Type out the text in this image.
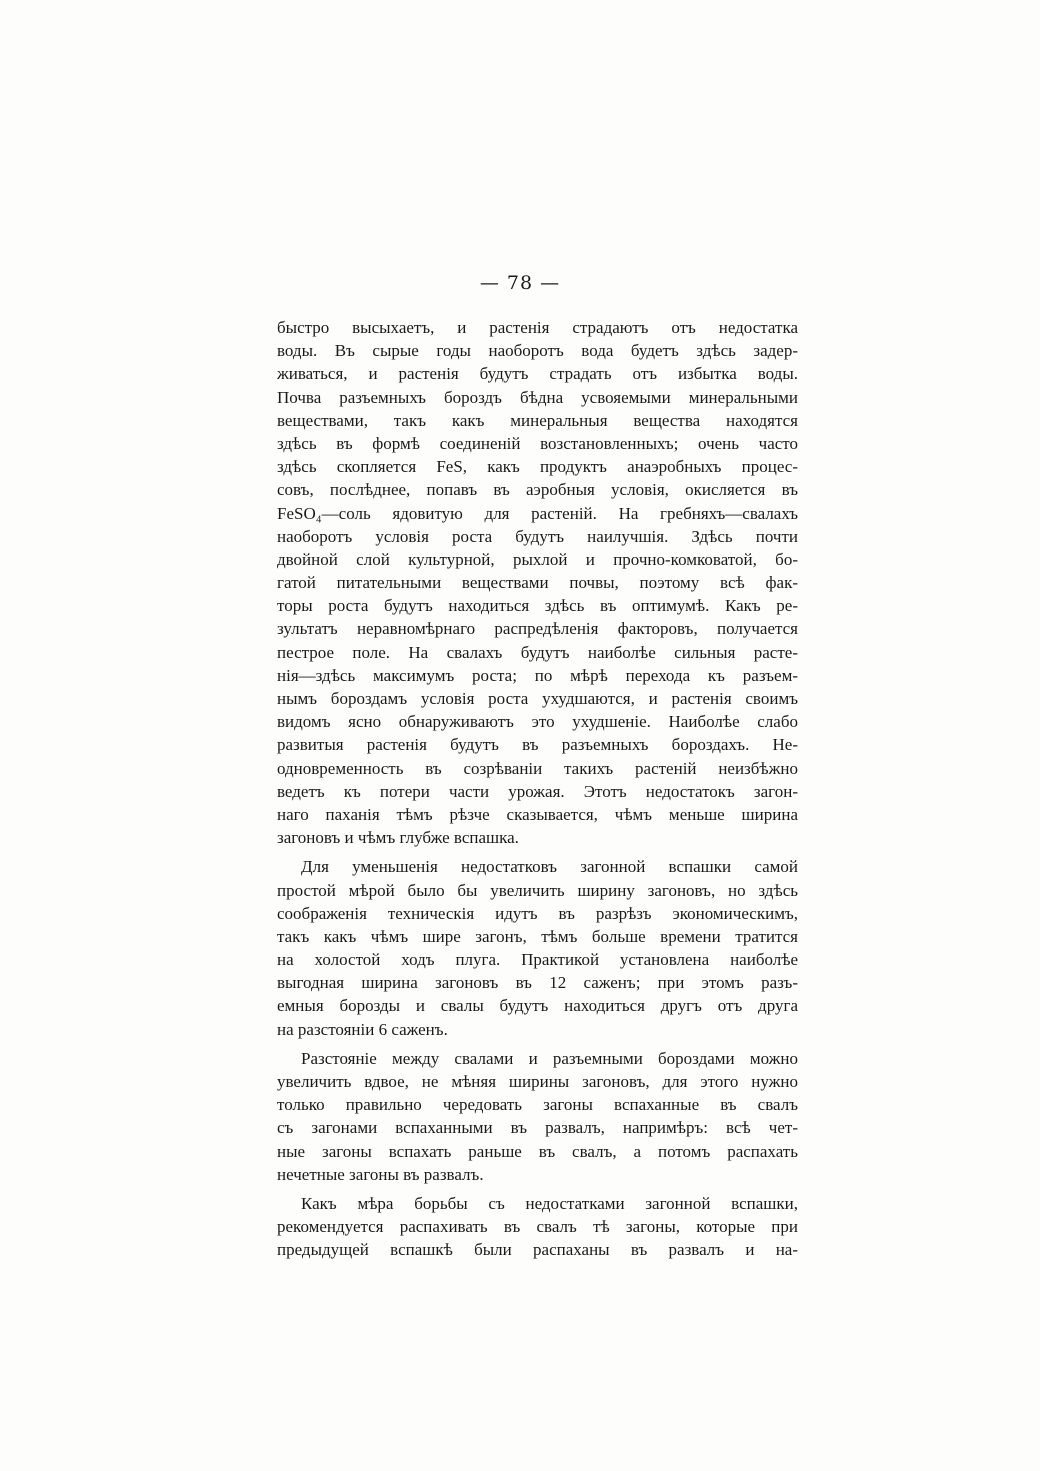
— 78 —
быстро высыхаетъ, и растенія страдаютъ отъ недостатка
воды. Въ сырые годы наоборотъ вода будетъ здѣсь задер-
живаться, и растенія будутъ страдать отъ избытка воды.
Почва разъемныхъ бороздъ бѣдна усвояемыми минеральными
веществами, такъ какъ минеральныя вещества находятся
здѣсь въ формѣ соединеній возстановленныхъ; очень часто
здѣсь скопляется FeS, какъ продуктъ анаэробныхъ процес-
совъ, послѣднее, попавъ въ аэробныя условія, окисляется въ
FeSO₄—соль ядовитую для растеній. На гребняхъ—свалахъ
наоборотъ условія роста будутъ наилучшія. Здѣсь почти
двойной слой культурной, рыхлой и прочно-комковатой, бо-
гатой питательными веществами почвы, поэтому всѣ фак-
торы роста будутъ находиться здѣсь въ оптимумѣ. Какъ ре-
зультатъ неравномѣрнаго распредѣленія факторовъ, получается
пестрое поле. На свалахъ будутъ наиболѣе сильныя расте-
нія—здѣсь максимумъ роста; по мѣрѣ перехода къ разъем-
нымъ бороздамъ условія роста ухудшаются, и растенія своимъ
видомъ ясно обнаруживаютъ это ухудшеніе. Наиболѣе слабо
развитыя растенія будутъ въ разъемныхъ бороздахъ. Не-
одновременность въ созрѣваніи такихъ растеній неизбѣжно
ведетъ къ потери части урожая. Этотъ недостатокъ загон-
наго паханія тѣмъ рѣзче сказывается, чѣмъ меньше ширина
загоновъ и чѣмъ глубже вспашка.
Для уменьшенія недостатковъ загонной вспашки самой
простой мѣрой было бы увеличить ширину загоновъ, но здѣсь
соображенія техническія идутъ въ разрѣзъ экономическимъ,
такъ какъ чѣмъ шире загонъ, тѣмъ больше времени тратится
на холостой ходъ плуга. Практикой установлена наиболѣе
выгодная ширина загоновъ въ 12 саженъ; при этомъ разъ-
емныя борозды и свалы будутъ находиться другъ отъ друга
на разстояніи 6 саженъ.
Разстояніе между свалами и разъемными бороздами можно
увеличить вдвое, не мѣняя ширины загоновъ, для этого нужно
только правильно чередовать загоны вспаханные въ свалъ
съ загонами вспаханными въ развалъ, напримѣръ: всѣ чет-
ные загоны вспахать раньше въ свалъ, а потомъ распахать
нечетные загоны въ развалъ.
Какъ мѣра борьбы съ недостатками загонной вспашки,
рекомендуется распахивать въ свалъ тѣ загоны, которые при
предыдущей вспашкѣ были распаханы въ развалъ и на-
